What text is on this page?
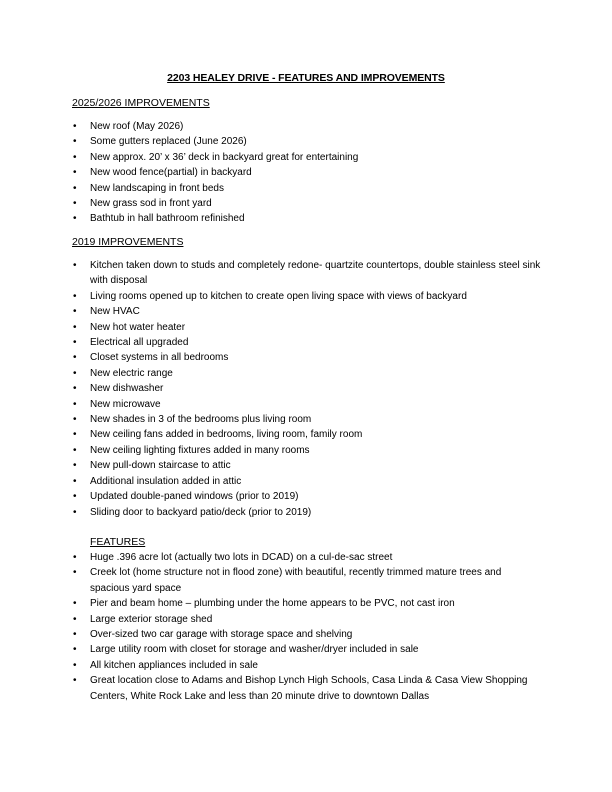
2203 HEALEY DRIVE - FEATURES AND IMPROVEMENTS
2025/2026 IMPROVEMENTS
• New roof (May 2026)
• Some gutters replaced (June 2026)
• New approx. 20’ x 36’ deck in backyard great for entertaining
• New wood fence(partial) in backyard
• New landscaping in front beds
• New grass sod in front yard
• Bathtub in hall bathroom refinished
2019 IMPROVEMENTS
• Kitchen taken down to studs and completely redone- quartzite countertops, double stainless steel sink with disposal
• Living rooms opened up to kitchen to create open living space with views of backyard
• New HVAC
• New hot water heater
• Electrical all upgraded
• Closet systems in all bedrooms
• New electric range
• New dishwasher
• New microwave
• New shades in 3 of the bedrooms plus living room
• New ceiling fans added in bedrooms, living room, family room
• New ceiling lighting fixtures added in many rooms
• New pull-down staircase to attic
• Additional insulation added in attic
• Updated double-paned windows (prior to 2019)
• Sliding door to backyard patio/deck (prior to 2019)
FEATURES
• Huge .396 acre lot (actually two lots in DCAD) on a cul-de-sac street
• Creek lot (home structure not in flood zone) with beautiful, recently trimmed mature trees and spacious yard space
• Pier and beam home – plumbing under the home appears to be PVC, not cast iron
• Large exterior storage shed
• Over-sized two car garage with storage space and shelving
• Large utility room with closet for storage and washer/dryer included in sale
• All kitchen appliances included in sale
• Great location close to Adams and Bishop Lynch High Schools, Casa Linda & Casa View Shopping Centers, White Rock Lake and less than 20 minute drive to downtown Dallas
